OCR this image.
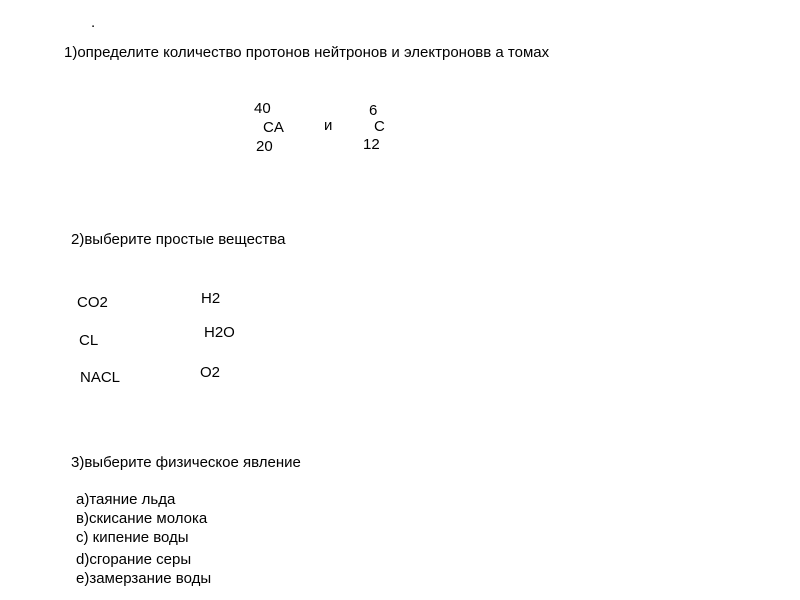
.
1)определите количество протонов нейтронов и электроновв а томах
40
CA
20
и
6
C
12
2)выберите простые вещества
CO2
CL
NACL
H2
H2O
O2
3)выберите физическое явление
а)таяние льда
в)скисание молока
с) кипение воды
d)сгорание серы
е)замерзание воды
